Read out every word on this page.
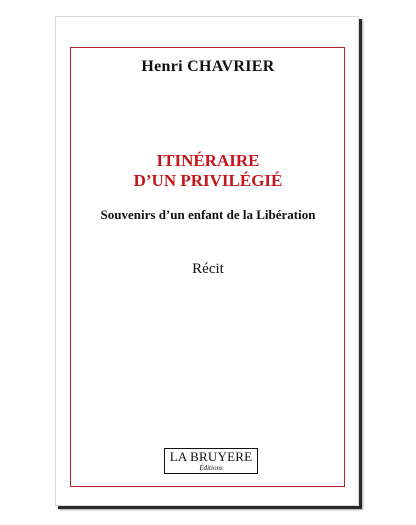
Henri CHAVRIER
ITINÉRAIRE
D’UN PRIVILÉGIÉ
Souvenirs d’un enfant de la Libération
Récit
LA BRUYERE
Éditions
